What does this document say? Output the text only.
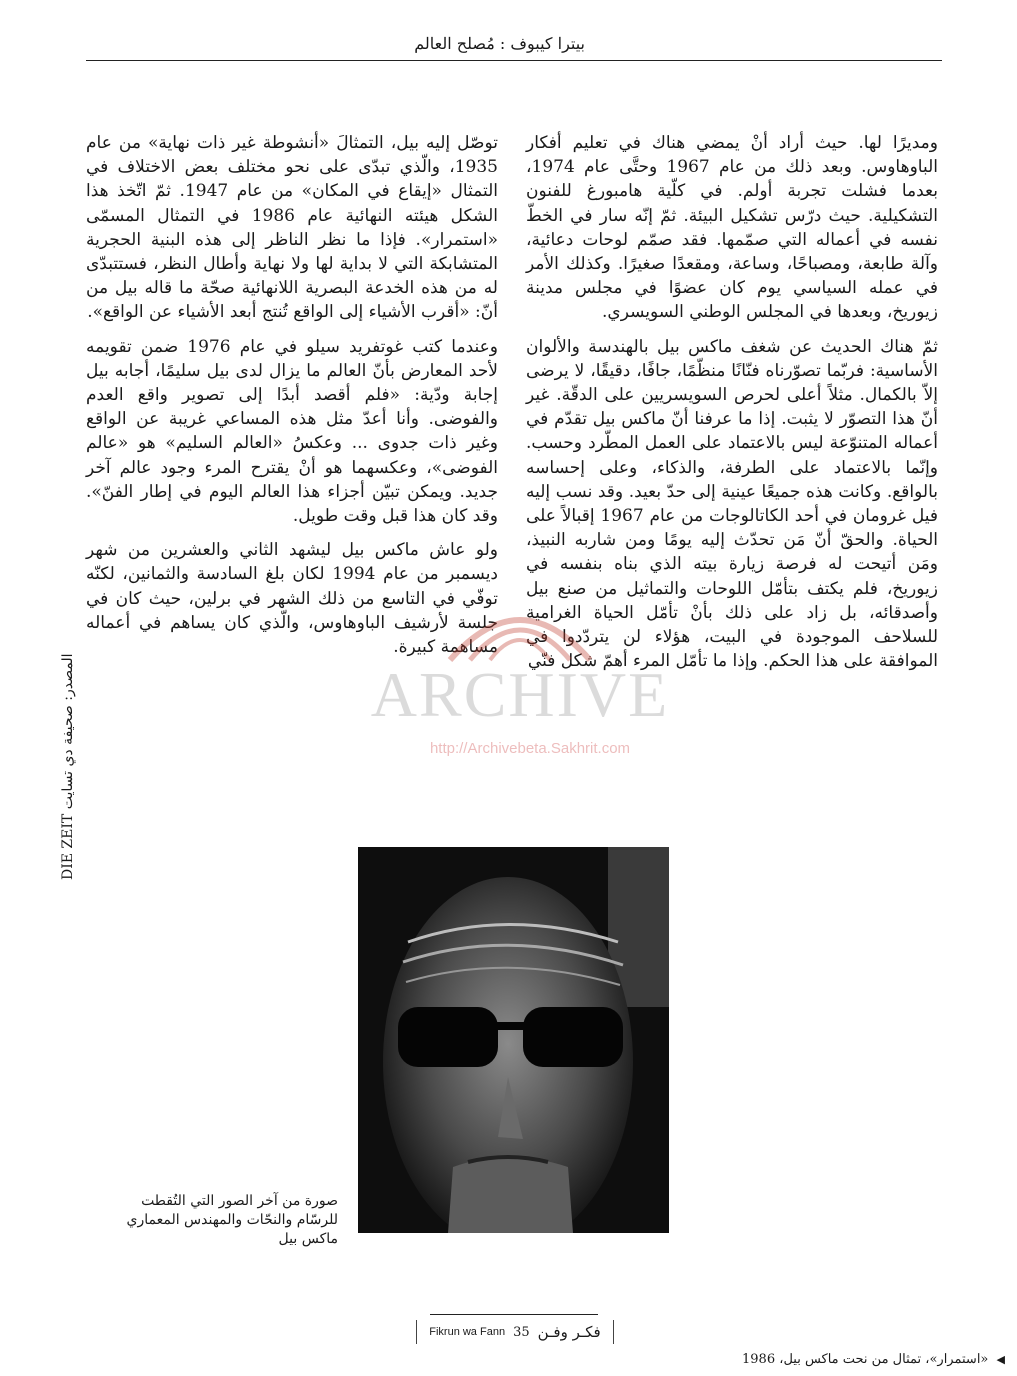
بيترا كيبوف : مُصلح العالم

ومديرًا لها. حيث أراد أنْ يمضي هناك في تعليم أفكار الباوهاوس. وبعد ذلك من عام 1967 وحتَّى عام 1974، بعدما فشلت تجربة أولم. في كلّية هامبورغ للفنون التشكيلية. حيث درّس تشكيل البيئة. ثمّ إنّه سار في الخطّ نفسه في أعماله التي صمّمها. فقد صمّم لوحات دعائية، وآلة طابعة، ومصباحًا، وساعة، ومقعدًا صغيرًا. وكذلك الأمر في عمله السياسي يوم كان عضوًا في مجلس مدينة زيوريخ، وبعدها في المجلس الوطني السويسري.

ثمّ هناك الحديث عن شغف ماكس بيل بالهندسة والألوان الأساسية: فربّما تصوّرناه فنّانًا منظّمًا، جافًا، دقيقًا، لا يرضى إلاّ بالكمال. مثلاً أعلى لحرص السويسريين على الدقّة. غير أنّ هذا التصوّر لا يثبت. إذا ما عرفنا أنّ ماكس بيل تقدّم في أعماله المتنوّعة ليس بالاعتماد على العمل المطّرد وحسب. وإنّما بالاعتماد على الطرفة، والذكاء، وعلى إحساسه بالواقع. وكانت هذه جميعًا عينية إلى حدّ بعيد. وقد نسب إليه فيل غرومان في أحد الكاتالوجات من عام 1967 إقبالاً على الحياة. والحقّ أنّ مَن تحدّث إليه يومًا ومن شاربه النبيذ، ومَن أتيحت له فرصة زيارة بيته الذي بناه بنفسه في زيوريخ، فلم يكتف بتأمّل اللوحات والتماثيل من صنع بيل وأصدقائه، بل زاد على ذلك بأنْ تأمّل الحياة الغرامية للسلاحف الموجودة في البيت، هؤلاء لن يتردّدوا في الموافقة على هذا الحكم. وإذا ما تأمّل المرء أهمّ شكل فنّي

توصّل إليه بيل، التمثالَ «أنشوطة غير ذات نهاية» من عام 1935، والّذي تبدّى على نحو مختلف بعض الاختلاف في التمثال «إيقاع في المكان» من عام 1947. ثمّ اتّخذ هذا الشكل هيئته النهائية عام 1986 في التمثال المسمّى «استمرار». فإذا ما نظر الناظر إلى هذه البنية الحجرية المتشابكة التي لا بداية لها ولا نهاية وأطال النظر، فستتبدّى له من هذه الخدعة البصرية اللانهائية صحّة ما قاله بيل من أنّ: «أقرب الأشياء إلى الواقع تُنتج أبعد الأشياء عن الواقع».

وعندما كتب غوتفريد سيلو في عام 1976 ضمن تقويمه لأحد المعارض بأنّ العالم ما يزال لدى بيل سليمًا، أجابه بيل إجابة ودّية: «فلم أقصد أبدًا إلى تصوير واقع العدم والفوضى. وأنا أعدّ مثل هذه المساعي غريبة عن الواقع وغير ذات جدوى ... وعكسُ «العالم السليم» هو «عالم الفوضى»، وعكسهما هو أنْ يقترح المرء وجود عالم آخر جديد. ويمكن تبيّن أجزاء هذا العالم اليوم في إطار الفنّ». وقد كان هذا قبل وقت طويل.

ولو عاش ماكس بيل ليشهد الثاني والعشرين من شهر ديسمبر من عام 1994 لكان بلغ السادسة والثمانين، لكنّه توفّي في التاسع من ذلك الشهر في برلين، حيث كان في جلسة لأرشيف الباوهاوس، والّذي كان يساهم في أعماله مساهمة كبيرة.

المصدر: صحيفة دي تسايت DIE ZEIT
صورة من آخر الصور التي التُقطت للرسّام والنحّات والمهندس المعماري ماكس بيل
Fikrun wa Fann 35 فكـر وفـن
◀ «استمرار»، تمثال من نحت ماكس بيل، 1986
ARCHIVE
http://Archivebeta.Sakhrit.com
